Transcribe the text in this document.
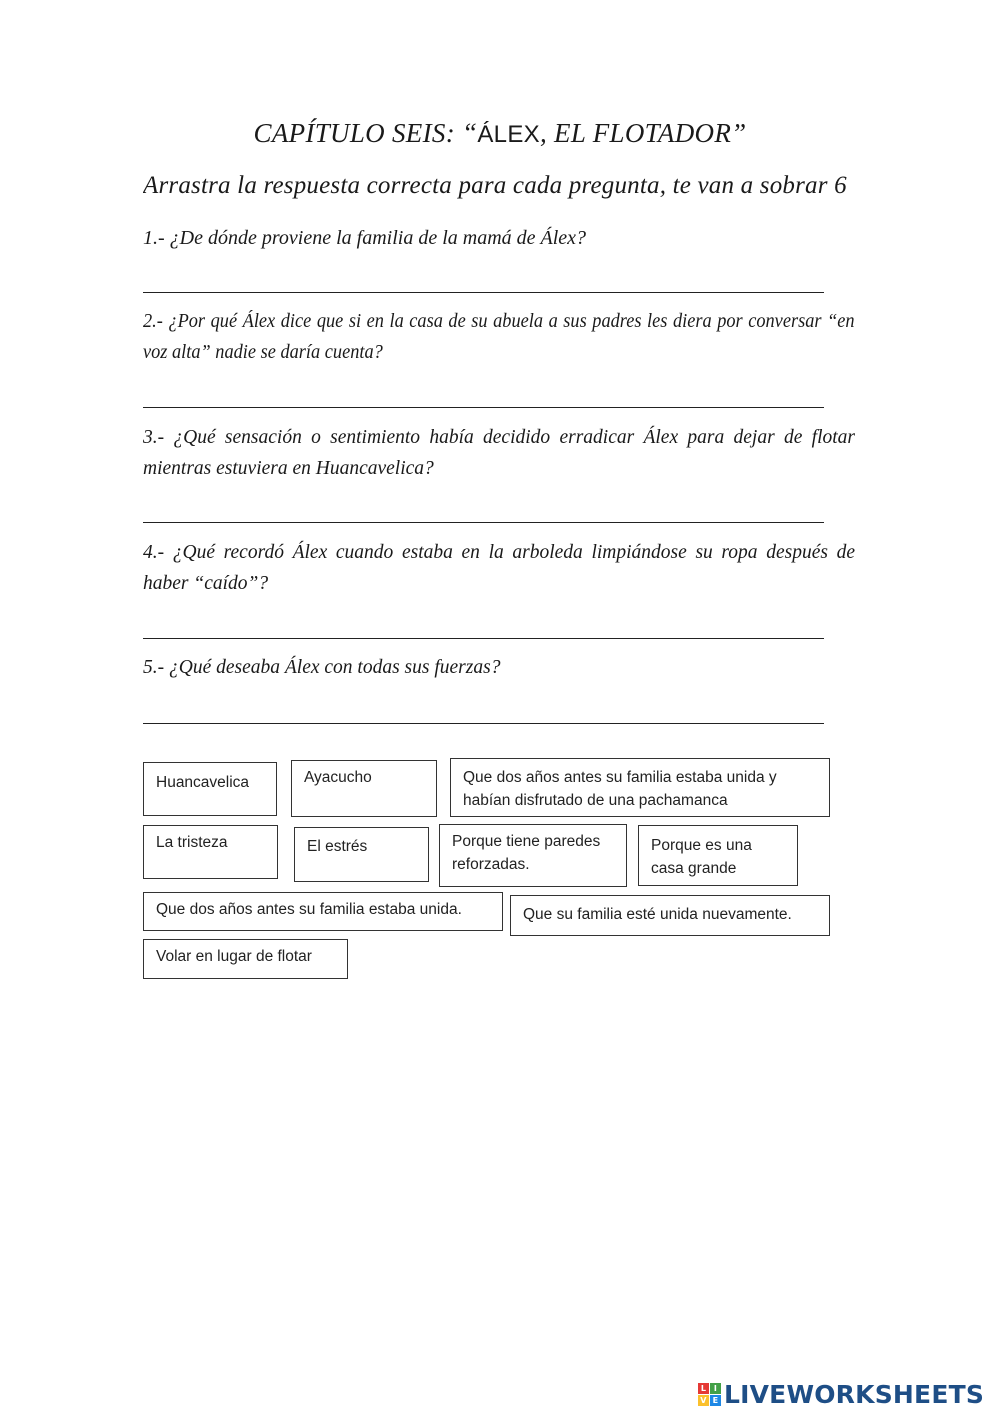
CAPÍTULO SEIS: “ÁLEX, EL FLOTADOR”
Arrastra la respuesta correcta para cada pregunta, te van a sobrar 6
1.- ¿De dónde proviene la familia de la mamá de Álex?
2.- ¿Por qué Álex dice que si en la casa de su abuela a sus padres les diera por conversar “en voz alta” nadie se daría cuenta?
3.- ¿Qué sensación o sentimiento había decidido erradicar Álex para dejar de flotar mientras estuviera en Huancavelica?
4.- ¿Qué recordó Álex cuando estaba en la arboleda limpiándose su ropa después de haber “caído”?
5.- ¿Qué deseaba Álex con todas sus fuerzas?
Huancavelica	Ayacucho	Que dos años antes su familia estaba unida y habían disfrutado de una pachamanca
La tristeza	El estrés	Porque tiene paredes reforzadas.
Porque es una casa grande
Que dos años antes su familia estaba unida.	Que su familia esté unida nuevamente.
Volar en lugar de flotar
L I
V E LIVEWORKSHEETS
